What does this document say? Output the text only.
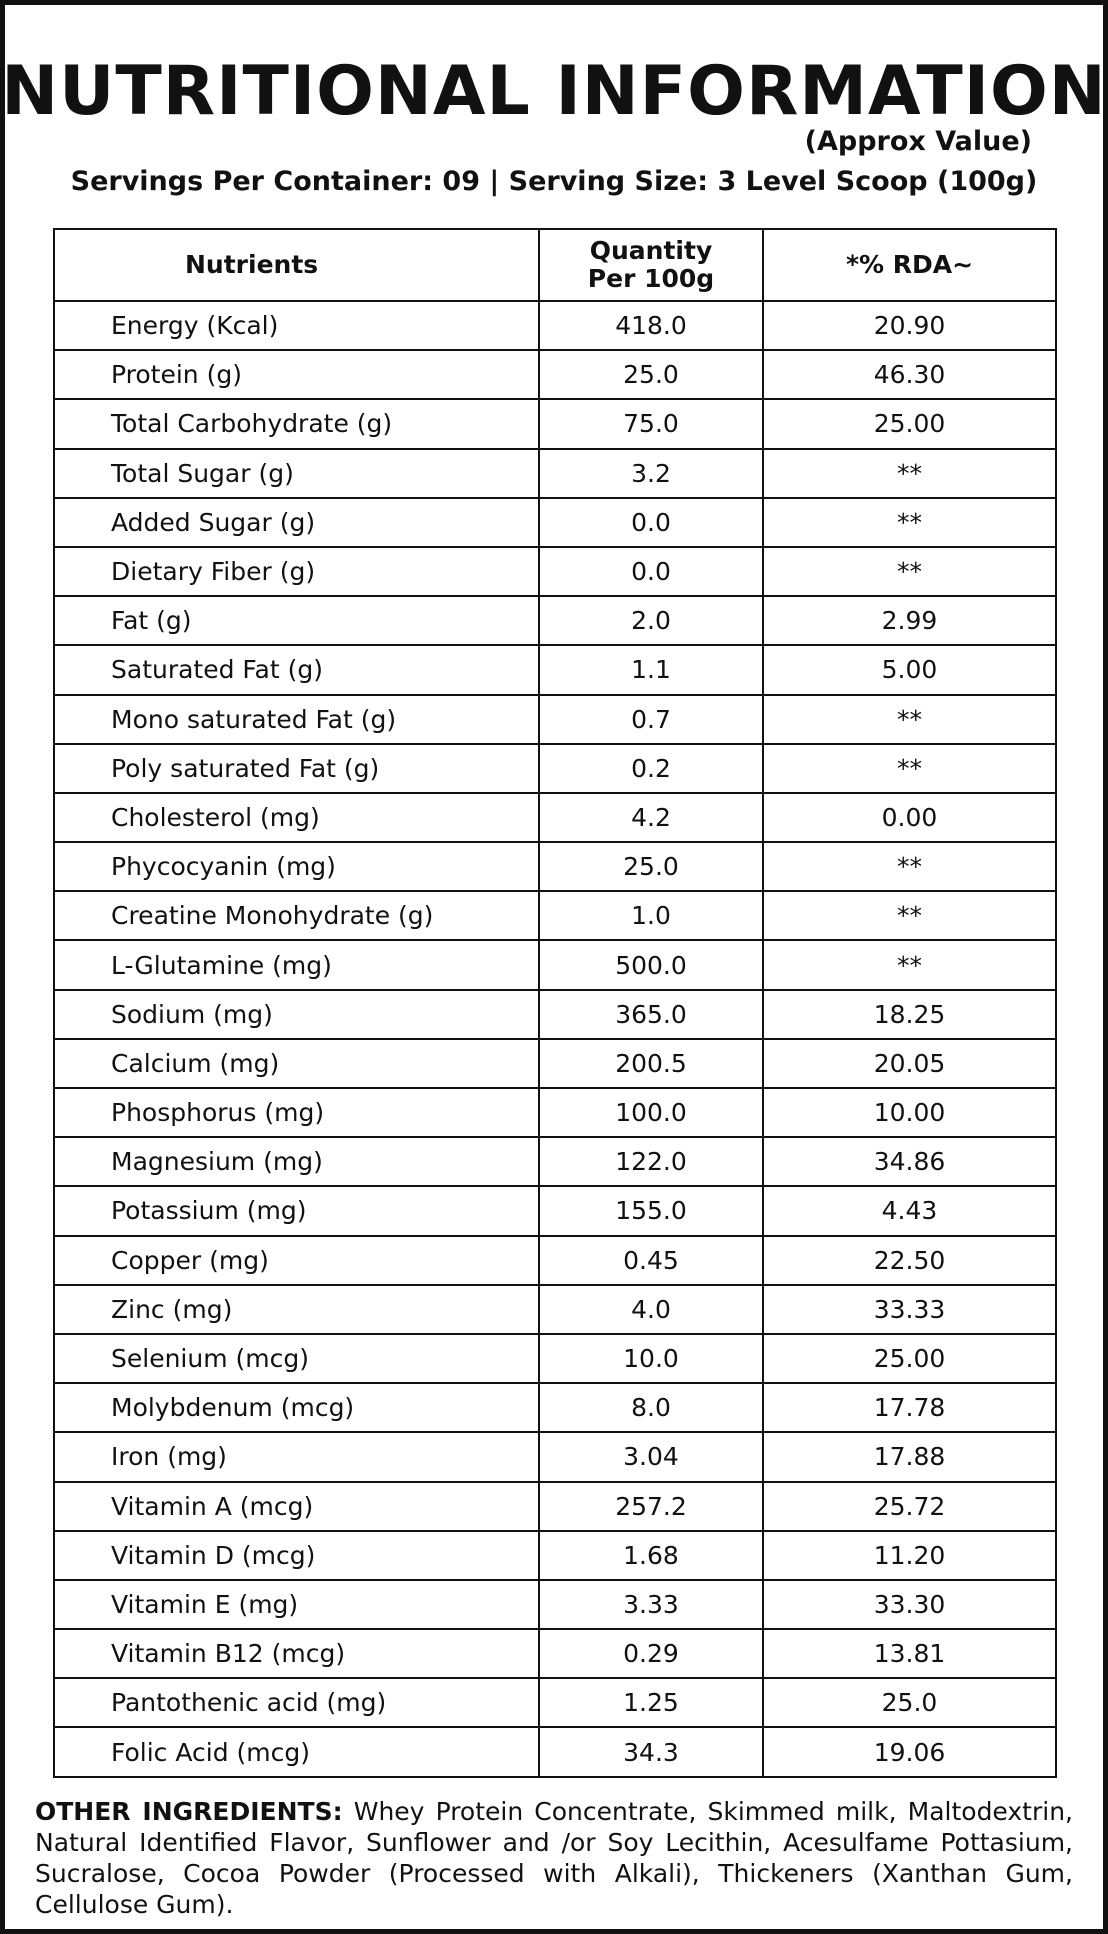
NUTRITIONAL INFORMATION
(Approx Value)
Servings Per Container: 09 | Serving Size: 3 Level Scoop (100g)
Nutrients	Quantity Per 100g	*% RDA~
Energy (Kcal)	418.0	20.90
Protein (g)	25.0	46.30
Total Carbohydrate (g)	75.0	25.00
Total Sugar (g)	3.2	**
Added Sugar (g)	0.0	**
Dietary Fiber (g)	0.0	**
Fat (g)	2.0	2.99
Saturated Fat (g)	1.1	5.00
Mono saturated Fat (g)	0.7	**
Poly saturated Fat (g)	0.2	**
Cholesterol (mg)	4.2	0.00
Phycocyanin (mg)	25.0	**
Creatine Monohydrate (g)	1.0	**
L-Glutamine (mg)	500.0	**
Sodium (mg)	365.0	18.25
Calcium (mg)	200.5	20.05
Phosphorus (mg)	100.0	10.00
Magnesium (mg)	122.0	34.86
Potassium (mg)	155.0	4.43
Copper (mg)	0.45	22.50
Zinc (mg)	4.0	33.33
Selenium (mcg)	10.0	25.00
Molybdenum (mcg)	8.0	17.78
Iron (mg)	3.04	17.88
Vitamin A (mcg)	257.2	25.72
Vitamin D (mcg)	1.68	11.20
Vitamin E (mg)	3.33	33.30
Vitamin B12 (mcg)	0.29	13.81
Pantothenic acid (mg)	1.25	25.0
Folic Acid (mcg)	34.3	19.06
OTHER INGREDIENTS: Whey Protein Concentrate, Skimmed milk, Maltodextrin, Natural Identified Flavor, Sunflower and /or Soy Lecithin, Acesulfame Pottasium, Sucralose, Cocoa Powder (Processed with Alkali), Thickeners (Xanthan Gum, Cellulose Gum).
